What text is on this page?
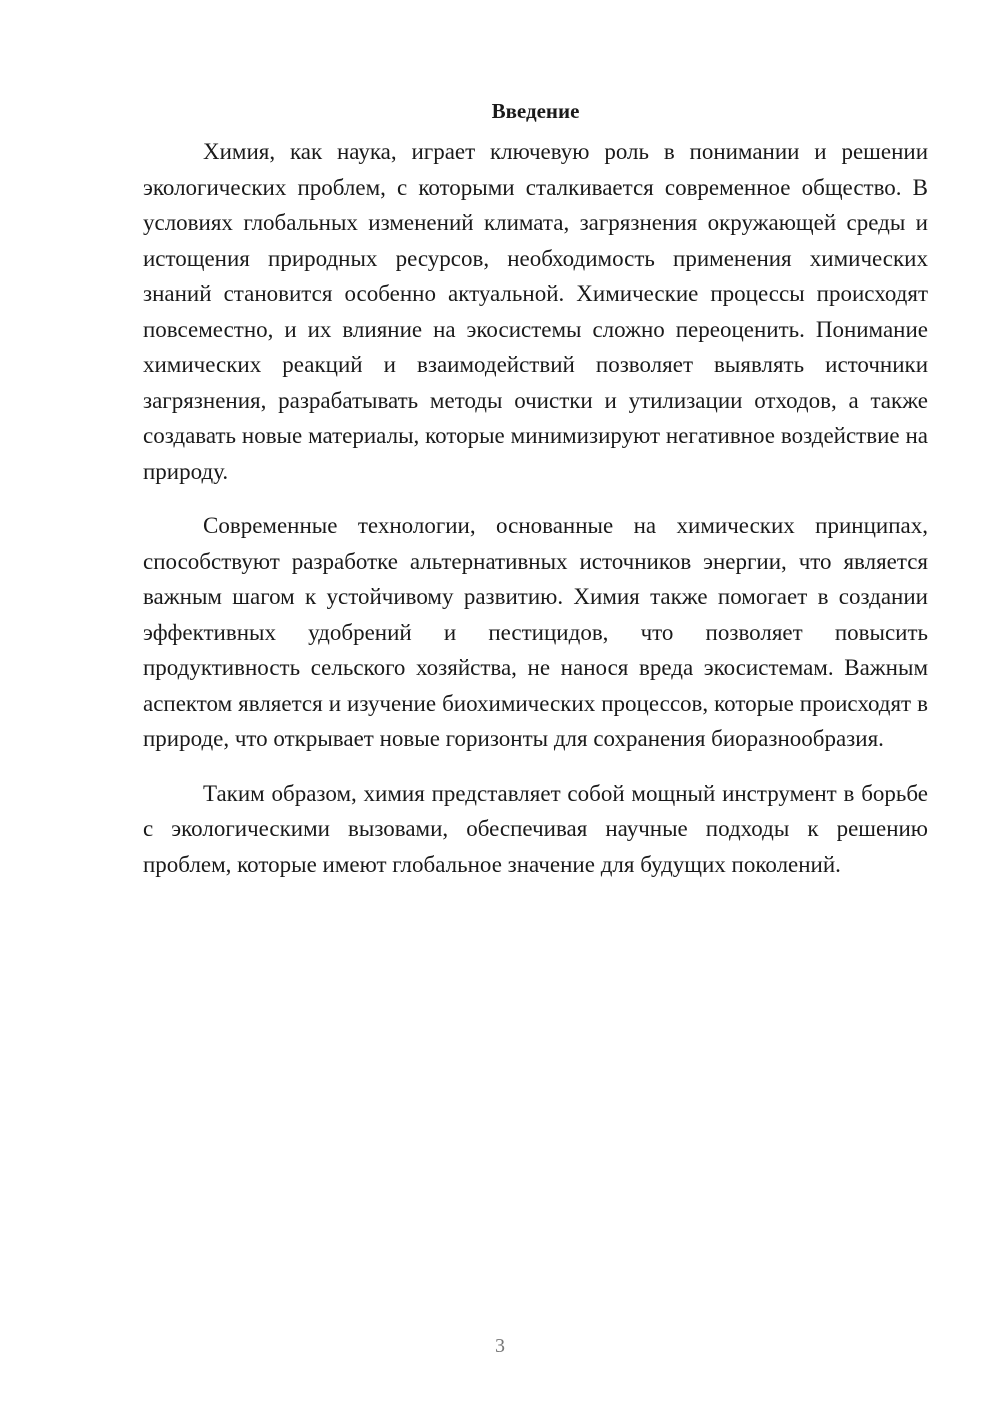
Введение

Химия, как наука, играет ключевую роль в понимании и решении экологических проблем, с которыми сталкивается современное общество. В условиях глобальных изменений климата, загрязнения окружающей среды и истощения природных ресурсов, необходимость применения химических знаний становится особенно актуальной. Химические процессы происходят повсеместно, и их влияние на экосистемы сложно переоценить. Понимание химических реакций и взаимодействий позволяет выявлять источники загрязнения, разрабатывать методы очистки и утилизации отходов, а также создавать новые материалы, которые минимизируют негативное воздействие на природу.

Современные технологии, основанные на химических принципах, способствуют разработке альтернативных источников энергии, что является важным шагом к устойчивому развитию. Химия также помогает в создании эффективных удобрений и пестицидов, что позволяет повысить продуктивность сельского хозяйства, не нанося вреда экосистемам. Важным аспектом является и изучение биохимических процессов, которые происходят в природе, что открывает новые горизонты для сохранения биоразнообразия.

Таким образом, химия представляет собой мощный инструмент в борьбе с экологическими вызовами, обеспечивая научные подходы к решению проблем, которые имеют глобальное значение для будущих поколений.

3
